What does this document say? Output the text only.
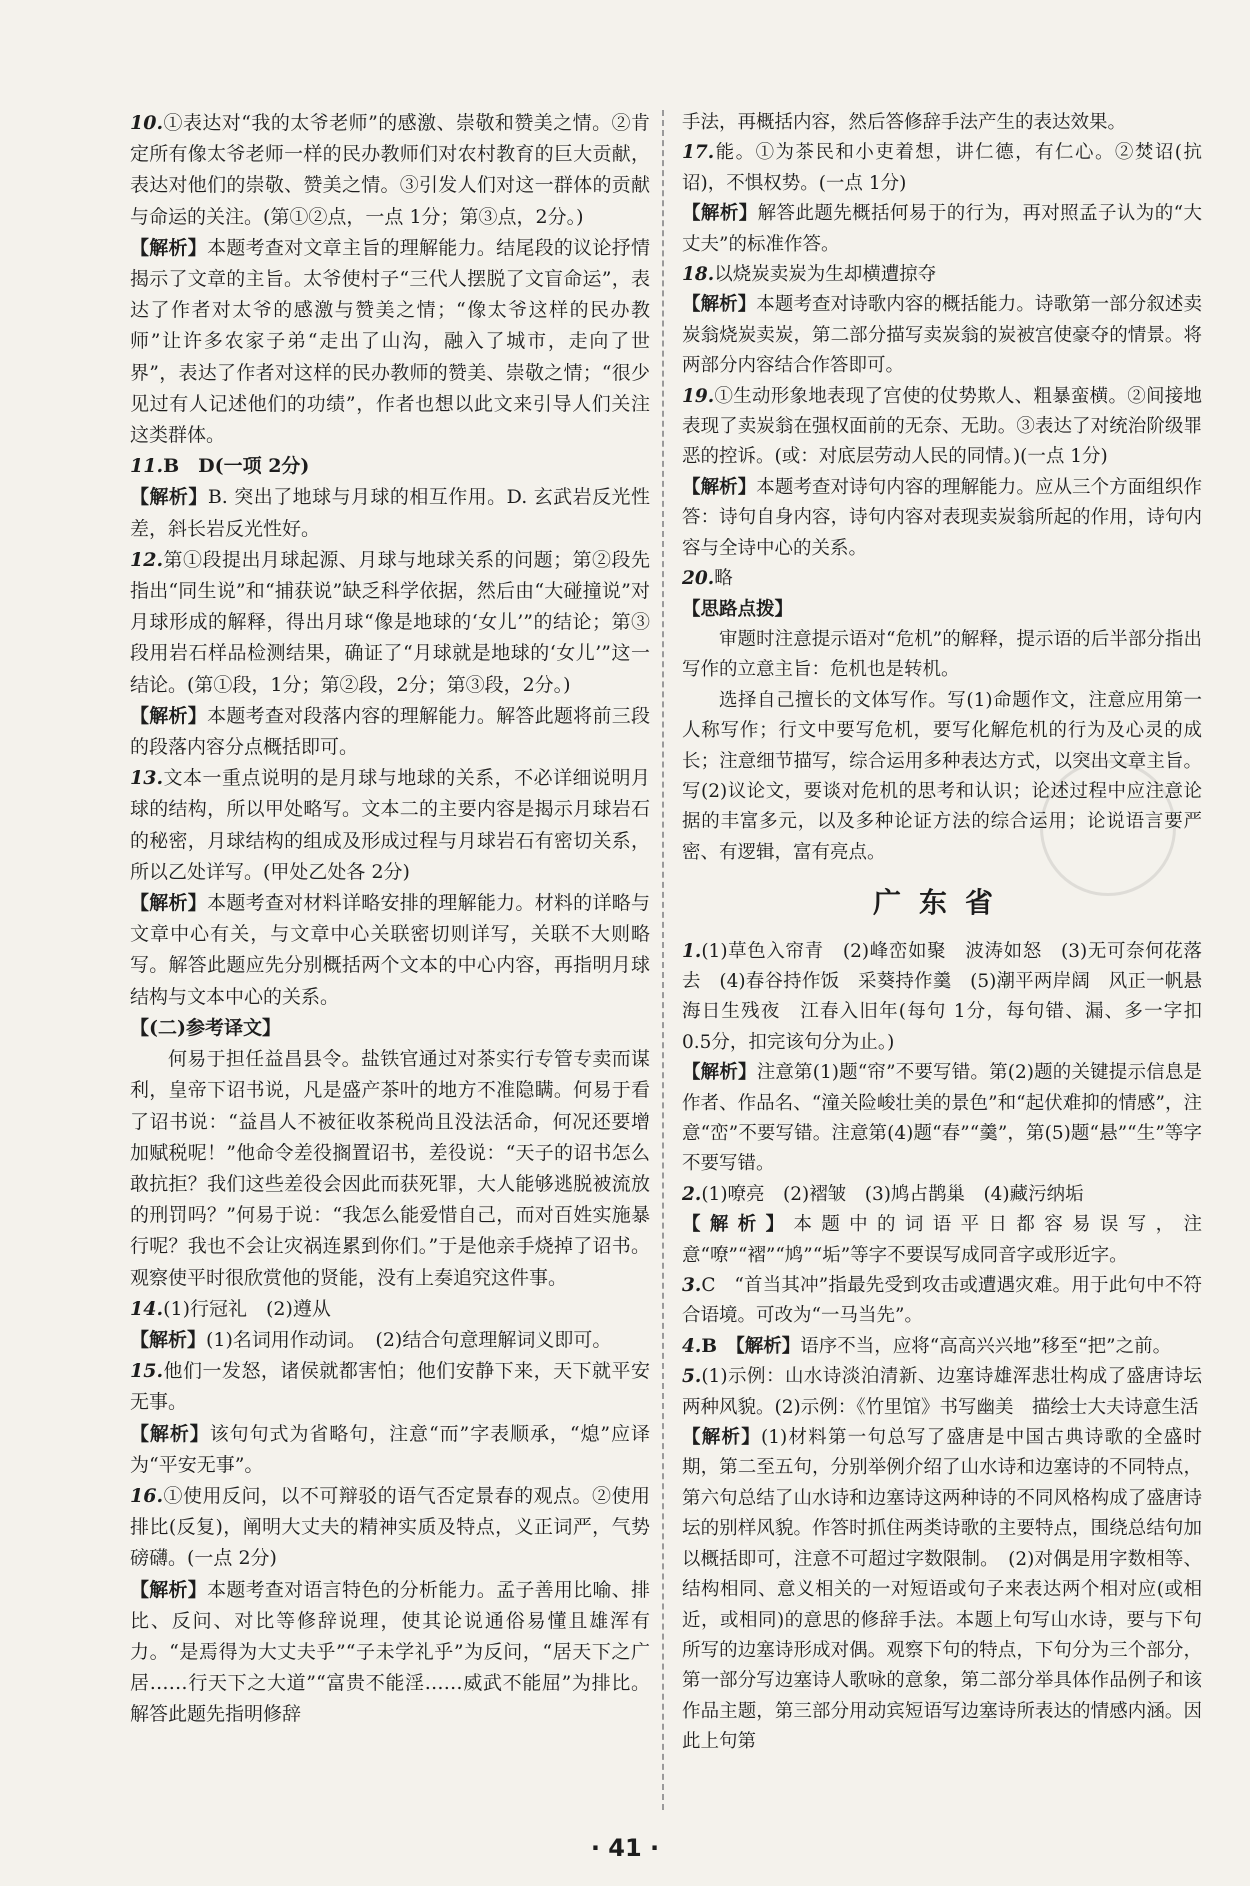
10.①表达对“我的太爷老师”的感激、崇敬和赞美之情。②肯定所有像太爷老师一样的民办教师们对农村教育的巨大贡献，表达对他们的崇敬、赞美之情。③引发人们对这一群体的贡献与命运的关注。(第①②点，一点 1分；第③点，2分。)

【解析】本题考查对文章主旨的理解能力。结尾段的议论抒情揭示了文章的主旨。太爷使村子“三代人摆脱了文盲命运”，表达了作者对太爷的感激与赞美之情；“像太爷这样的民办教师”让许多农家子弟“走出了山沟，融入了城市，走向了世界”，表达了作者对这样的民办教师的赞美、崇敬之情；“很少见过有人记述他们的功绩”，作者也想以此文来引导人们关注这类群体。

11.B　D(一项 2分)

【解析】B. 突出了地球与月球的相互作用。D. 玄武岩反光性差，斜长岩反光性好。

12.第①段提出月球起源、月球与地球关系的问题；第②段先指出“同生说”和“捕获说”缺乏科学依据，然后由“大碰撞说”对月球形成的解释，得出月球“像是地球的‘女儿’”的结论；第③段用岩石样品检测结果，确证了“月球就是地球的‘女儿’”这一结论。(第①段，1分；第②段，2分；第③段，2分。)

【解析】本题考查对段落内容的理解能力。解答此题将前三段的段落内容分点概括即可。

13.文本一重点说明的是月球与地球的关系，不必详细说明月球的结构，所以甲处略写。文本二的主要内容是揭示月球岩石的秘密，月球结构的组成及形成过程与月球岩石有密切关系，所以乙处详写。(甲处乙处各 2分)

【解析】本题考查对材料详略安排的理解能力。材料的详略与文章中心有关，与文章中心关联密切则详写，关联不大则略写。解答此题应先分别概括两个文本的中心内容，再指明月球结构与文本中心的关系。

【(二)参考译文】

何易于担任益昌县令。盐铁官通过对茶实行专管专卖而谋利，皇帝下诏书说，凡是盛产茶叶的地方不准隐瞒。何易于看了诏书说：“益昌人不被征收茶税尚且没法活命，何况还要增加赋税呢！”他命令差役搁置诏书，差役说：“天子的诏书怎么敢抗拒？我们这些差役会因此而获死罪，大人能够逃脱被流放的刑罚吗？”何易于说：“我怎么能爱惜自己，而对百姓实施暴行呢？我也不会让灾祸连累到你们。”于是他亲手烧掉了诏书。观察使平时很欣赏他的贤能，没有上奏追究这件事。

14.(1)行冠礼　(2)遵从

【解析】(1)名词用作动词。　(2)结合句意理解词义即可。

15.他们一发怒，诸侯就都害怕；他们安静下来，天下就平安无事。

【解析】该句句式为省略句，注意“而”字表顺承，“熄”应译为“平安无事”。

16.①使用反问，以不可辩驳的语气否定景春的观点。②使用排比(反复)，阐明大丈夫的精神实质及特点，义正词严，气势磅礴。(一点 2分)

【解析】本题考查对语言特色的分析能力。孟子善用比喻、排比、反问、对比等修辞说理，使其论说通俗易懂且雄浑有力。“是焉得为大丈夫乎”“子未学礼乎”为反问，“居天下之广居……行天下之大道”“富贵不能淫……威武不能屈”为排比。解答此题先指明修辞

手法，再概括内容，然后答修辞手法产生的表达效果。

17.能。①为茶民和小吏着想，讲仁德，有仁心。②焚诏(抗诏)，不惧权势。(一点 1分)

【解析】解答此题先概括何易于的行为，再对照孟子认为的“大丈夫”的标准作答。

18.以烧炭卖炭为生却横遭掠夺

【解析】本题考查对诗歌内容的概括能力。诗歌第一部分叙述卖炭翁烧炭卖炭，第二部分描写卖炭翁的炭被宫使豪夺的情景。将两部分内容结合作答即可。

19.①生动形象地表现了宫使的仗势欺人、粗暴蛮横。②间接地表现了卖炭翁在强权面前的无奈、无助。③表达了对统治阶级罪恶的控诉。(或：对底层劳动人民的同情。)(一点 1分)

【解析】本题考查对诗句内容的理解能力。应从三个方面组织作答：诗句自身内容，诗句内容对表现卖炭翁所起的作用，诗句内容与全诗中心的关系。

20.略

【思路点拨】

审题时注意提示语对“危机”的解释，提示语的后半部分指出写作的立意主旨：危机也是转机。

选择自己擅长的文体写作。写(1)命题作文，注意应用第一人称写作；行文中要写危机，要写化解危机的行为及心灵的成长；注意细节描写，综合运用多种表达方式，以突出文章主旨。写(2)议论文，要谈对危机的思考和认识；论述过程中应注意论据的丰富多元，以及多种论证方法的综合运用；论说语言要严密、有逻辑，富有亮点。

广东省

1.(1)草色入帘青　(2)峰峦如聚　波涛如怒　(3)无可奈何花落去　(4)春谷持作饭　采葵持作羹　(5)潮平两岸阔　风正一帆悬　海日生残夜　江春入旧年(每句 1分，每句错、漏、多一字扣 0.5分，扣完该句分为止。)

【解析】注意第(1)题“帘”不要写错。第(2)题的关键提示信息是作者、作品名、“潼关险峻壮美的景色”和“起伏难抑的情感”，注意“峦”不要写错。注意第(4)题“春”“羹”，第(5)题“悬”“生”等字不要写错。

2.(1)嘹亮　(2)褶皱　(3)鸠占鹊巢　(4)藏污纳垢

【解析】本题中的词语平日都容易误写，注意“嘹”“褶”“鸠”“垢”等字不要误写成同音字或形近字。

3.C　“首当其冲”指最先受到攻击或遭遇灾难。用于此句中不符合语境。可改为“一马当先”。

4.B　【解析】语序不当，应将“高高兴兴地”移至“把”之前。

5.(1)示例：山水诗淡泊清新、边塞诗雄浑悲壮构成了盛唐诗坛两种风貌。(2)示例：《竹里馆》书写幽美　描绘士大夫诗意生活

【解析】(1)材料第一句总写了盛唐是中国古典诗歌的全盛时期，第二至五句，分别举例介绍了山水诗和边塞诗的不同特点，第六句总结了山水诗和边塞诗这两种诗的不同风格构成了盛唐诗坛的别样风貌。作答时抓住两类诗歌的主要特点，围绕总结句加以概括即可，注意不可超过字数限制。　(2)对偶是用字数相等、结构相同、意义相关的一对短语或句子来表达两个相对应(或相近，或相同)的意思的修辞手法。本题上句写山水诗，要与下句所写的边塞诗形成对偶。观察下句的特点，下句分为三个部分，第一部分写边塞诗人歌咏的意象，第二部分举具体作品例子和该作品主题，第三部分用动宾短语写边塞诗所表达的情感内涵。因此上句第

· 41 ·
